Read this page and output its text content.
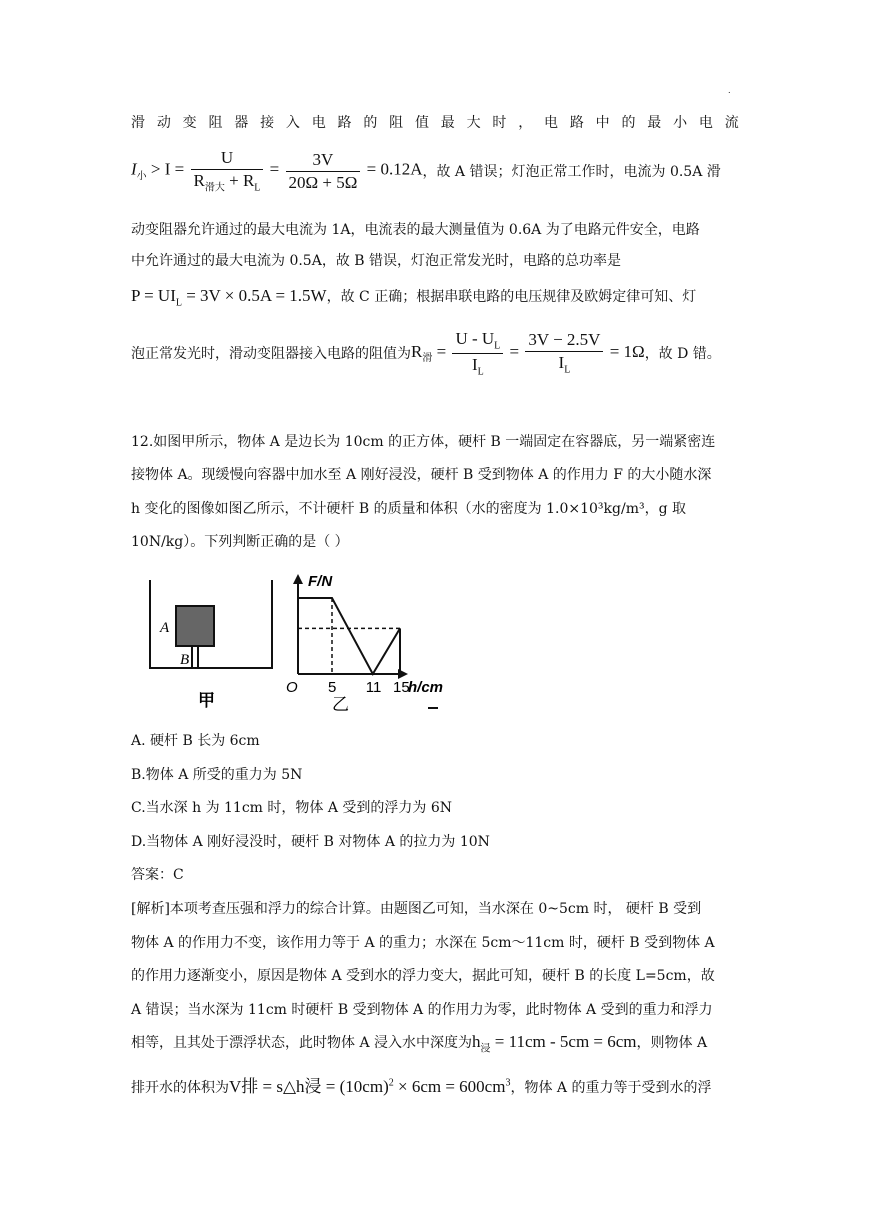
.
滑 动 变 阻 器 接 入 电 路 的 阻 值 最 大 时 ， 电 路 中 的 最 小 电 流
$I_小 > I = \frac{U}{R_{滑大} + R_L} = \frac{3V}{20\Omega + 5\Omega} = 0.12A$ ，故 A 错误；灯泡正常工作时，电流为 0.5A 滑
动变阻器允许通过的最大电流为 1A，电流表的最大测量值为 0.6A 为了电路元件安全，电路
中允许通过的最大电流为 0.5A，故 B 错误，灯泡正常发光时，电路的总功率是
$P = UI_L = 3V \times 0.5A = 1.5W$，故 C 正确；根据串联电路的电压规律及欧姆定律可知、灯
泡正常发光时，滑动变阻器接入电路的阻值为 $R_滑 = \frac{U - U_L}{I_L} = \frac{3V - 2.5V}{I_L} = 1\Omega$ ，故 D 错。
12.如图甲所示，物体 A 是边长为 10cm 的正方体，硬杆 B 一端固定在容器底，另一端紧密连
接物体 A。现缓慢向容器中加水至 A 刚好浸没，硬杆 B 受到物体 A 的作用力 F 的大小随水深
h 变化的图像如图乙所示，不计硬杆 B 的质量和体积（水的密度为 1.0×10³kg/m³，g 取
10N/kg）。下列判断正确的是（ ）
A
B
甲
F/N
h/cm
O 5 11 15
乙
A. 硬杆 B 长为 6cm
B.物体 A 所受的重力为 5N
C.当水深 h 为 11cm 时，物体 A 受到的浮力为 6N
D.当物体 A 刚好浸没时，硬杆 B 对物体 A 的拉力为 10N
答案：C
[解析]本项考查压强和浮力的综合计算。由题图乙可知，当水深在 0~5cm 时， 硬杆 B 受到
物体 A 的作用力不变，该作用力等于 A 的重力；水深在 5cm～11cm 时，硬杆 B 受到物体 A
的作用力逐渐变小，原因是物体 A 受到水的浮力变大，据此可知，硬杆 B 的长度 L=5cm，故
A 错误；当水深为 11cm 时硬杆 B 受到物体 A 的作用力为零，此时物体 A 受到的重力和浮力
相等，且其处于漂浮状态，此时物体 A 浸入水中深度为$h_浸 = 11cm - 5cm = 6cm$，则物体 A
排开水的体积为V排 = s△h浸 = $(10cm)^2 \times 6cm = 600cm^3$，物体 A 的重力等于受到水的浮
